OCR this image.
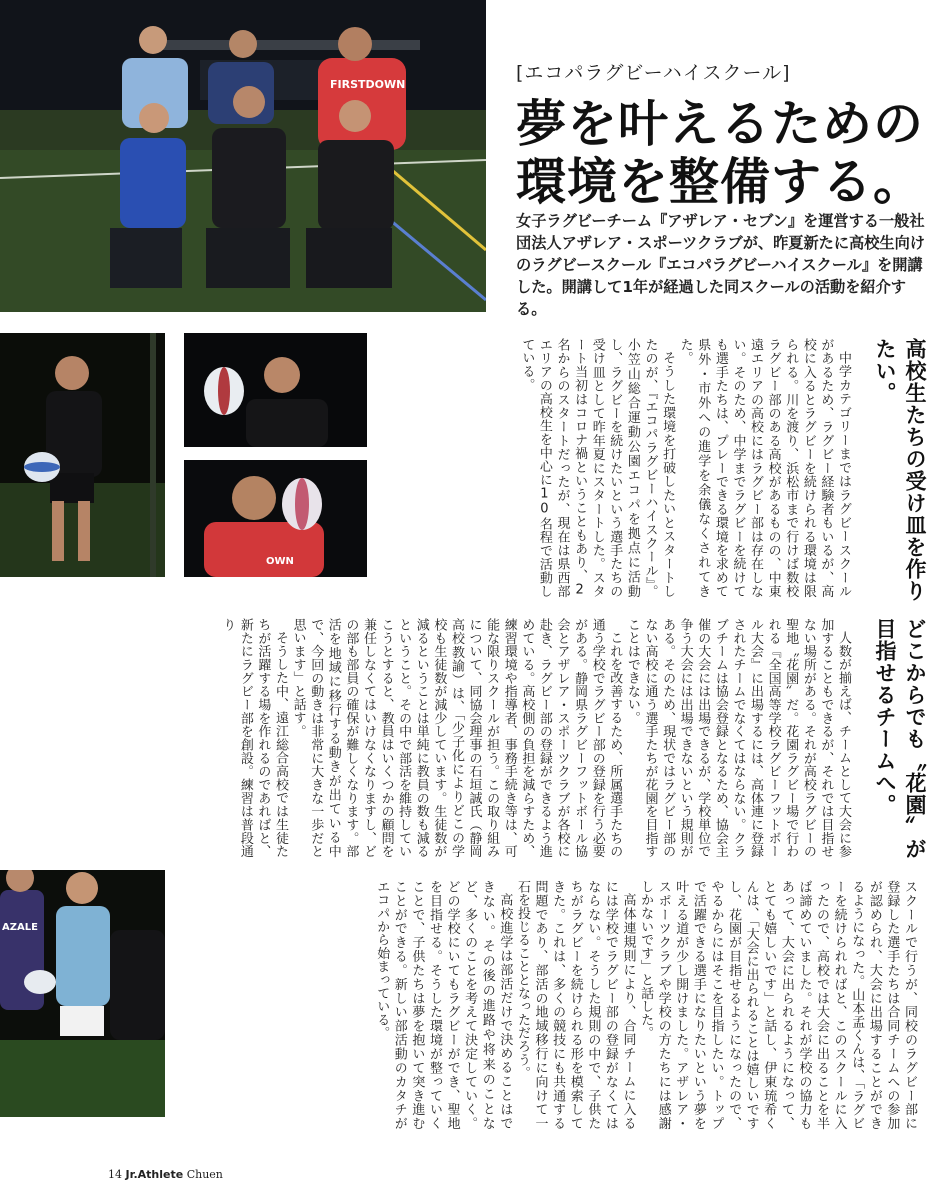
FIRSTDOWN
[エコパラグビーハイスクール]
夢を叶えるための
環境を整備する。
女子ラグビーチーム『アザレア・セブン』を運営する一般社団法人アザレア・スポーツクラブが、昨夏新たに高校生向けのラグビースクール『エコパラグビーハイスクール』を開講した。開講して1年が経過した同スクールの活動を紹介する。
OWN
AZALE
高校生たちの受け皿を作りたい。

中学カテゴリーまではラグビースクールがあるため、ラグビー経験者もいるが、高校に入るとラグビーを続けられる環境は限られる。川を渡り、浜松市まで行けば数校ラグビー部のある高校があるものの、中東遠エリアの高校にはラグビー部は存在しない。そのため、中学までラグビーを続けても選手たちは、プレーできる環境を求めて県外・市外への進学を余儀なくされてきた。

そうした環境を打破したいとスタートしたのが、『エコパラグビーハイスクール』。小笠山総合運動公園エコパを拠点に活動し、ラグビーを続けたいという選手たちの受け皿として昨年夏にスタートした。スタート当初はコロナ禍ということもあり、2名からのスタートだったが、現在は県西部エリアの高校生を中心に10名程で活動している。

どこからでも〝花園〟が目指せるチームへ。

人数が揃えば、チームとして大会に参加することもできるが、それでは目指せない場所がある。それが高校ラグビーの聖地〝花園〟だ。花園ラグビー場で行われる『全国高等学校ラグビーフットボール大会』に出場するには、高体連に登録されたチームでなくてはならない。クラブチームは協会登録となるため、協会主催の大会には出場できるが、学校単位で争う大会には出場できないという規則がある。そのため、現状ではラグビー部のない高校に通う選手たちが花園を目指すことはできない。

これを改善するため、所属選手たちの通う学校でラグビー部の登録を行う必要がある。静岡県ラグビーフットボール協会とアザレア・スポーツクラブが各校に赴き、ラグビー部の登録ができるよう進めている。高校側の負担を減らすため、練習環境や指導者、事務手続き等は、可能な限りスクールが担う。この取り組みについて、同協会理事の石垣誠氏（静岡高校教諭）は、「少子化によりどこの学校も生徒数が減少しています。生徒数が減るということは単純に教員の数も減るということ。その中で部活を維持していこうとすると、教員はいくつかの顧問を兼任しなくてはいけなくなりますし、どの部も部員の確保が難しくなります。部活を地域に移行する動きが出ている中で、今回の動きは非常に大きな一歩だと思います」と話す。

そうした中、遠江総合高校では生徒たちが活躍する場を作れるのであればと、新たにラグビー部を創設。練習は普段通り

スクールで行うが、同校のラグビー部に登録した選手たちは合同チームへの参加が認められ、大会に出場することができるようになった。山本孟くんは、「ラグビーを続けられればと、このスクールに入ったので、高校では大会に出ることを半ば諦めていました。それが学校の協力もあって、大会に出られるようになって、とても嬉しいです」と話し、伊東琉希くんは、「大会に出られることは嬉しいですし、花園が目指せるようになったので、やるからにはそこを目指したい。トップで活躍できる選手になりたいという夢を叶える道が少し開けました。アザレア・スポーツクラブや学校の方たちには感謝しかないです」と話した。

高体連規則により、合同チームに入るには学校でラグビー部の登録がなくてはならない。そうした規則の中で、子供たちがラグビーを続けられる形を模索してきた。これは、多くの競技にも共通する問題であり、部活の地域移行に向けて一石を投じることとなっただろう。

高校進学は部活だけで決めることはできない。その後の進路や将来のことなど、多くのことを考えて決定していく。どの学校にいてもラグビーができ、聖地を目指せる。そうした環境が整っていくことで、子供たちは夢を抱いて突き進むことができる。新しい部活動のカタチがエコパから始まっている。

14 Jr.Athlete Chuen
